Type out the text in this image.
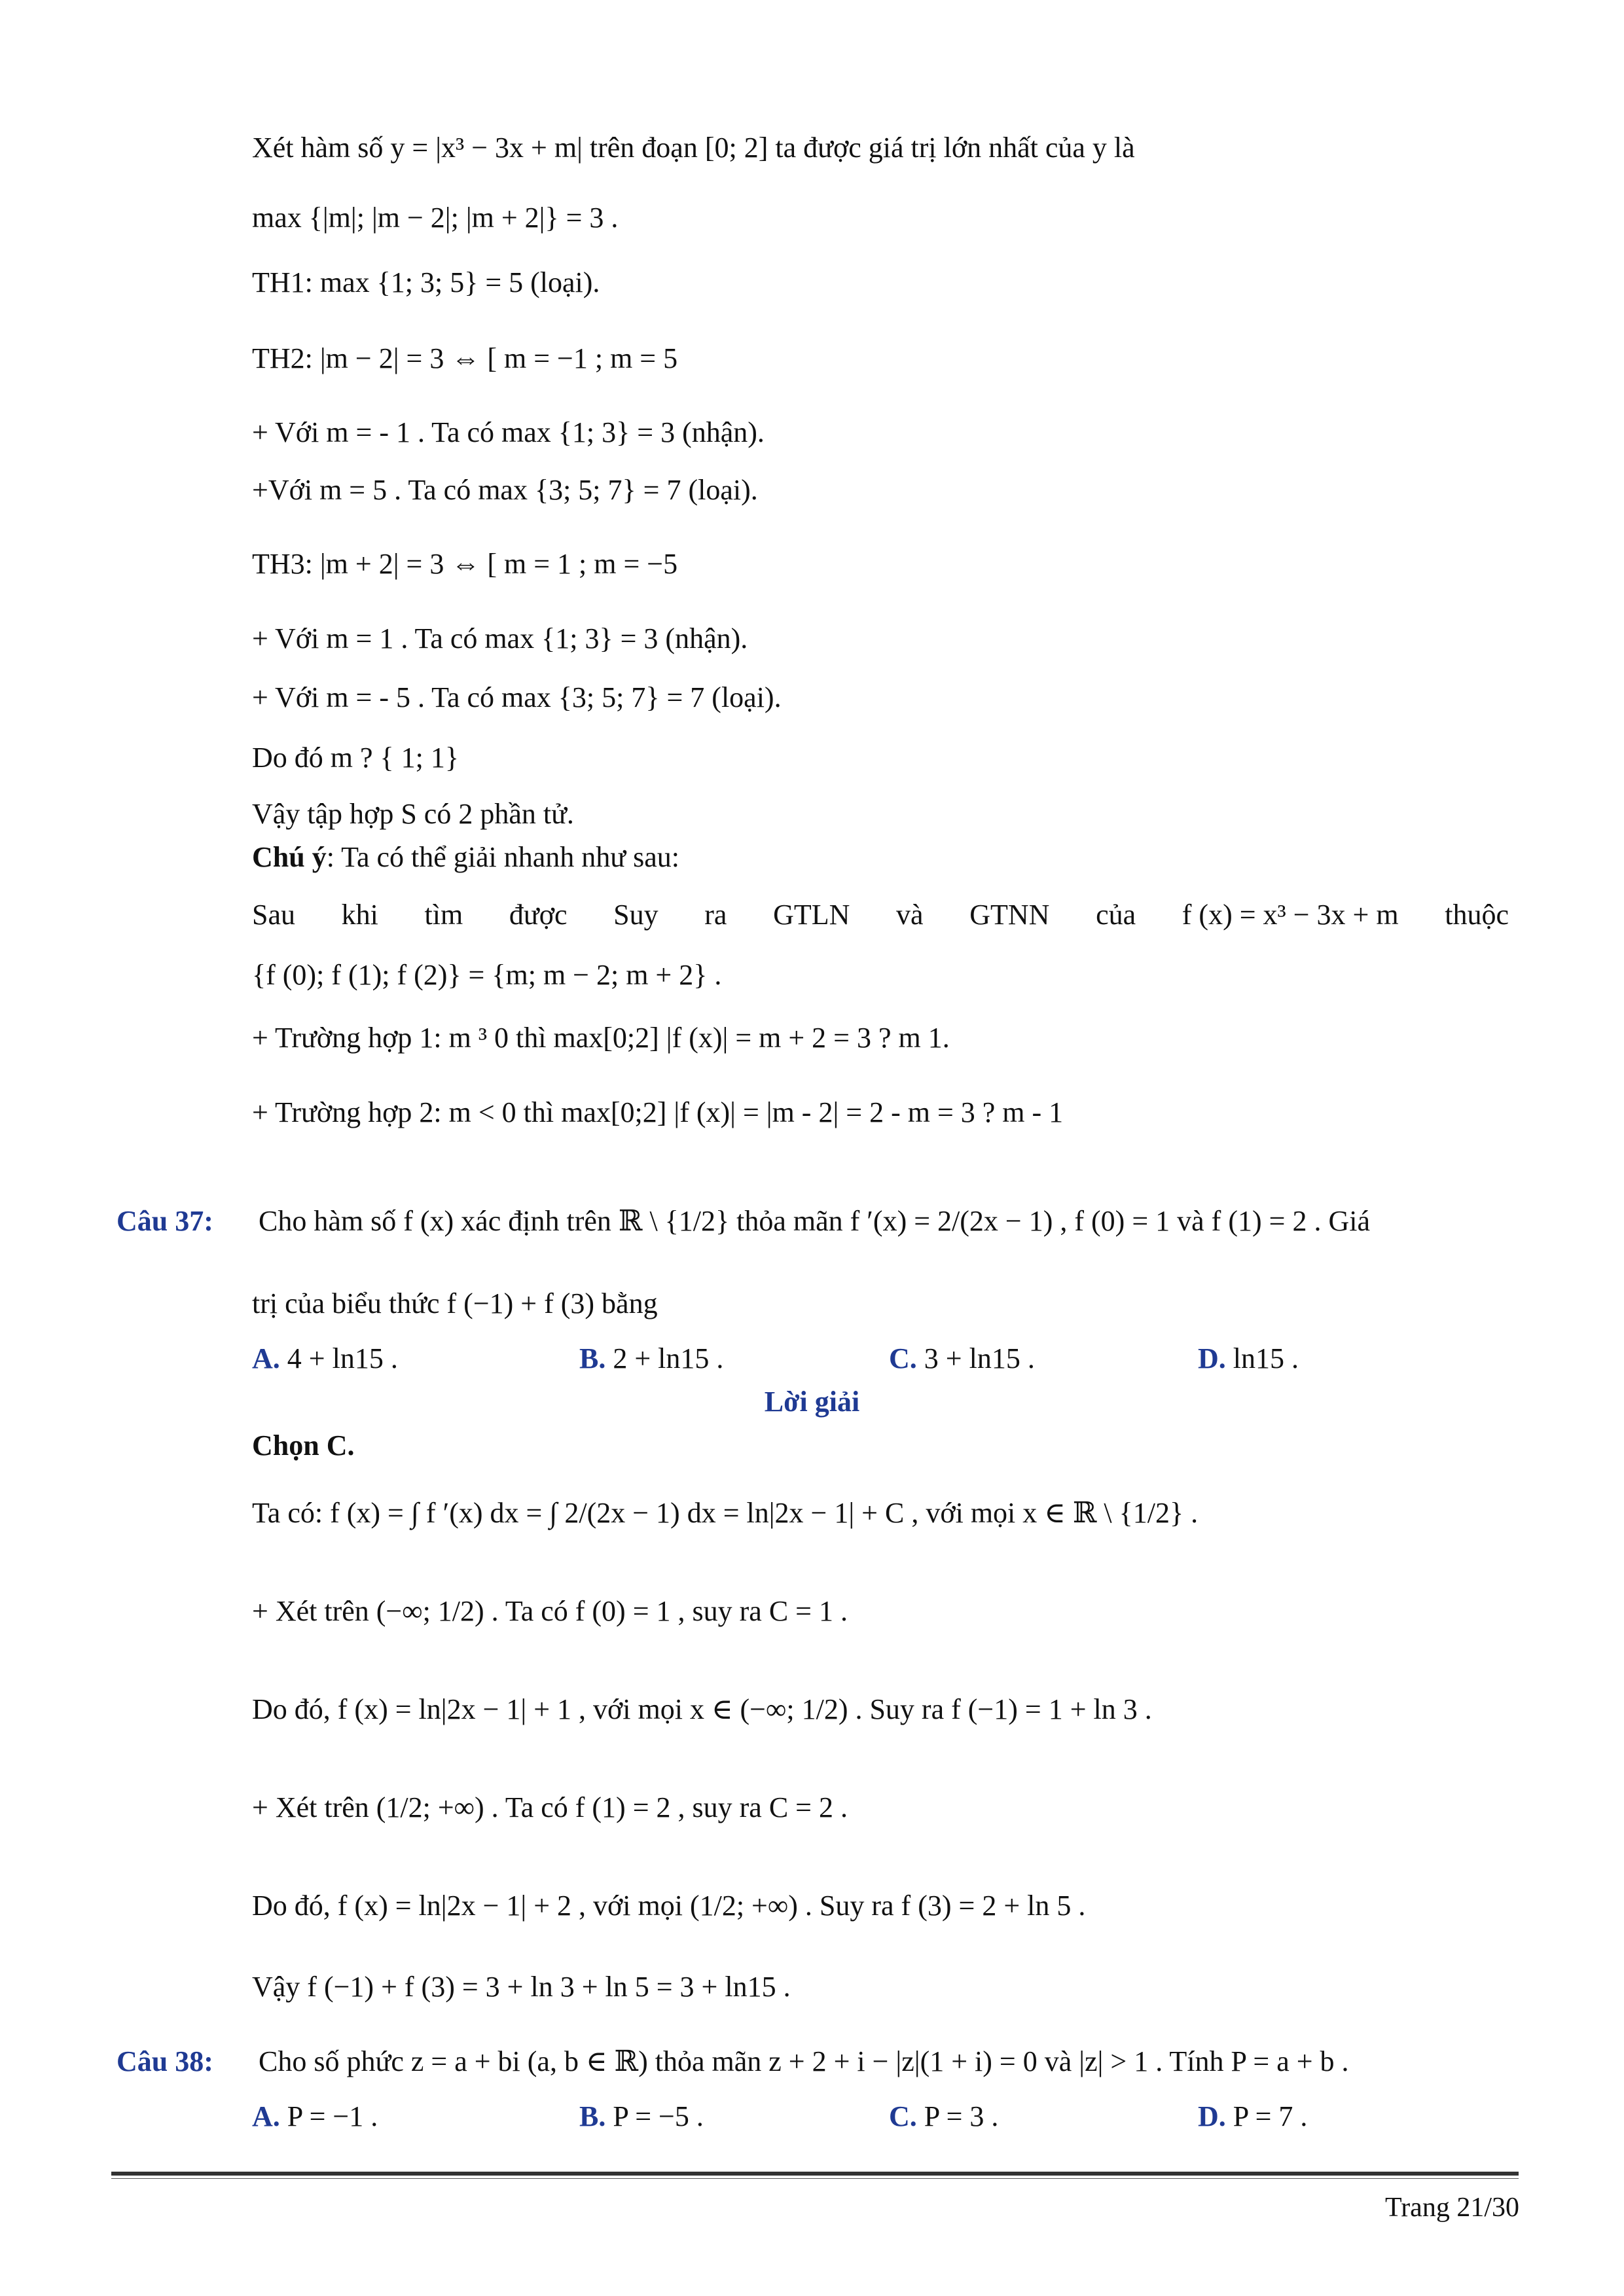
Xét hàm số y = |x³ − 3x + m| trên đoạn [0; 2] ta được giá trị lớn nhất của y là
max {|m|; |m − 2|; |m + 2|} = 3 .
TH1: max {1; 3; 5} = 5 (loại).
TH2: |m − 2| = 3 ⇔ [ m = −1 ; m = 5
+ Với m = - 1 . Ta có max {1; 3} = 3 (nhận).
+Với m = 5 . Ta có max {3; 5; 7} = 7 (loại).
TH3: |m + 2| = 3 ⇔ [ m = 1 ; m = −5
+ Với m = 1 . Ta có max {1; 3} = 3 (nhận).
+ Với m = - 5 . Ta có max {3; 5; 7} = 7 (loại).
Do đó m ? { 1; 1}
Vậy tập hợp S có 2 phần tử.
Chú ý: Ta có thể giải nhanh như sau:
Sau khi tìm được Suy ra GTLN và GTNN của f (x) = x³ − 3x + m thuộc
{f (0); f (1); f (2)} = {m; m − 2; m + 2} .
+ Trường hợp 1: m ³ 0 thì max[0;2] |f (x)| = m + 2 = 3 ? m 1.
+ Trường hợp 2: m < 0 thì max[0;2] |f (x)| = |m - 2| = 2 - m = 3 ? m - 1
Câu 37: Cho hàm số f (x) xác định trên ℝ \ {1/2} thỏa mãn f ′(x) = 2/(2x − 1) , f (0) = 1 và f (1) = 2 . Giá
trị của biểu thức f (−1) + f (3) bằng
A. 4 + ln15 .	B. 2 + ln15 .	C. 3 + ln15 .	D. ln15 .
Lời giải
Chọn C.
Ta có: f (x) = ∫ f ′(x) dx = ∫ 2/(2x − 1) dx = ln|2x − 1| + C , với mọi x ∈ ℝ \ {1/2} .
+ Xét trên (−∞; 1/2) . Ta có f (0) = 1 , suy ra C = 1 .
Do đó, f (x) = ln|2x − 1| + 1 , với mọi x ∈ (−∞; 1/2) . Suy ra f (−1) = 1 + ln 3 .
+ Xét trên (1/2; +∞) . Ta có f (1) = 2 , suy ra C = 2 .
Do đó, f (x) = ln|2x − 1| + 2 , với mọi (1/2; +∞) . Suy ra f (3) = 2 + ln 5 .
Vậy f (−1) + f (3) = 3 + ln 3 + ln 5 = 3 + ln15 .
Câu 38: Cho số phức z = a + bi (a, b ∈ ℝ) thỏa mãn z + 2 + i − |z|(1 + i) = 0 và |z| > 1 . Tính P = a + b .
A. P = −1 .	B. P = −5 .	C. P = 3 .	D. P = 7 .
Trang 21/30
